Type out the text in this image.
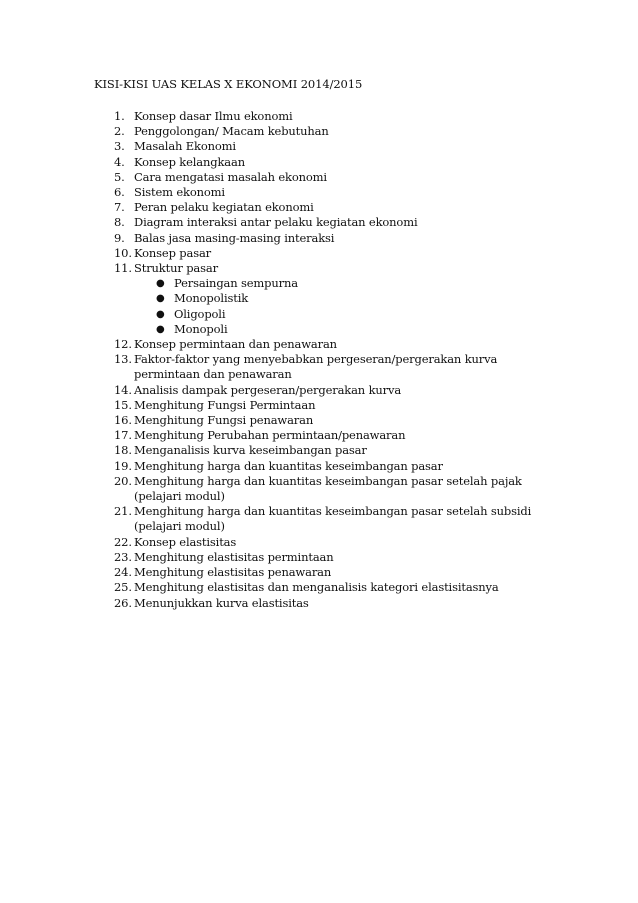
KISI-KISI UAS KELAS X EKONOMI 2014/2015
1. Konsep dasar Ilmu ekonomi
2. Penggolongan/ Macam kebutuhan
3. Masalah Ekonomi
4. Konsep kelangkaan
5. Cara mengatasi masalah ekonomi
6. Sistem ekonomi
7. Peran pelaku kegiatan ekonomi
8. Diagram interaksi antar pelaku kegiatan ekonomi
9. Balas jasa masing-masing interaksi
10. Konsep pasar
11. Struktur pasar
● Persaingan sempurna
● Monopolistik
● Oligopoli
● Monopoli
12. Konsep permintaan dan penawaran
13. Faktor-faktor yang menyebabkan pergeseran/pergerakan kurva
permintaan dan penawaran
14. Analisis dampak pergeseran/pergerakan kurva
15. Menghitung Fungsi Permintaan
16. Menghitung Fungsi penawaran
17. Menghitung Perubahan permintaan/penawaran
18. Menganalisis kurva keseimbangan pasar
19. Menghitung harga dan kuantitas keseimbangan pasar
20. Menghitung harga dan kuantitas keseimbangan pasar setelah pajak
(pelajari modul)
21. Menghitung harga dan kuantitas keseimbangan pasar setelah subsidi
(pelajari modul)
22. Konsep elastisitas
23. Menghitung elastisitas permintaan
24. Menghitung elastisitas penawaran
25. Menghitung elastisitas dan menganalisis kategori elastisitasnya
26. Menunjukkan kurva elastisitas
